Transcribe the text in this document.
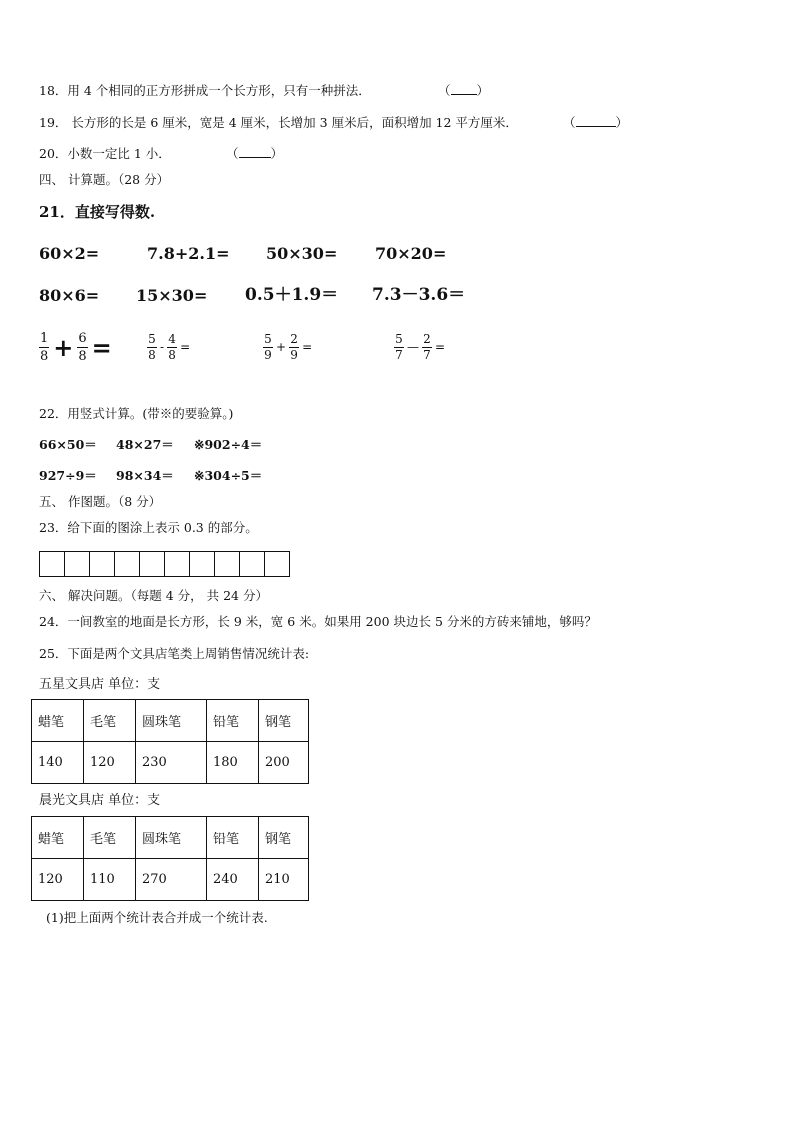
18．用 4 个相同的正方形拼成一个长方形，只有一种拼法．	（ ）
19． 长方形的长是 6 厘米，宽是 4 厘米，长增加 3 厘米后，面积增加 12 平方厘米．	（	）
20．小数一定比 1 小．	（	）
四、 计算题。（28 分）
21．直接写得数.
60×2=	7.8+2.1= 50×30= 70×20=
80×6= 15×30= 0.5＋1.9＝ 7.3－3.6＝
$\frac{1}{8} + \frac{6}{8}$ =	$\frac{5}{8} - \frac{4}{8}$ =	$\frac{5}{9} + \frac{2}{9}$ =	$\frac{5}{7}$ — $\frac{2}{7}$ =
22．用竖式计算。(带※的要验算。)
66×50＝ 48×27＝ ※902÷4＝
927÷9＝ 98×34＝ ※304÷5＝
五、 作图题。（8 分）
23．给下面的图涂上表示 0.3 的部分。
六、 解决问题。（每题 4 分， 共 24 分）
24．一间教室的地面是长方形，长 9 米，宽 6 米。如果用 200 块边长 5 分米的方砖来铺地，够吗？
25．下面是两个文具店笔类上周销售情况统计表:
五星文具店 单位：支
蜡笔	毛笔	圆珠笔	铅笔	钢笔
140	120	230	180	200
晨光文具店 单位：支
蜡笔	毛笔	圆珠笔	铅笔	钢笔
120	110	270	240	210
(1)把上面两个统计表合并成一个统计表.
